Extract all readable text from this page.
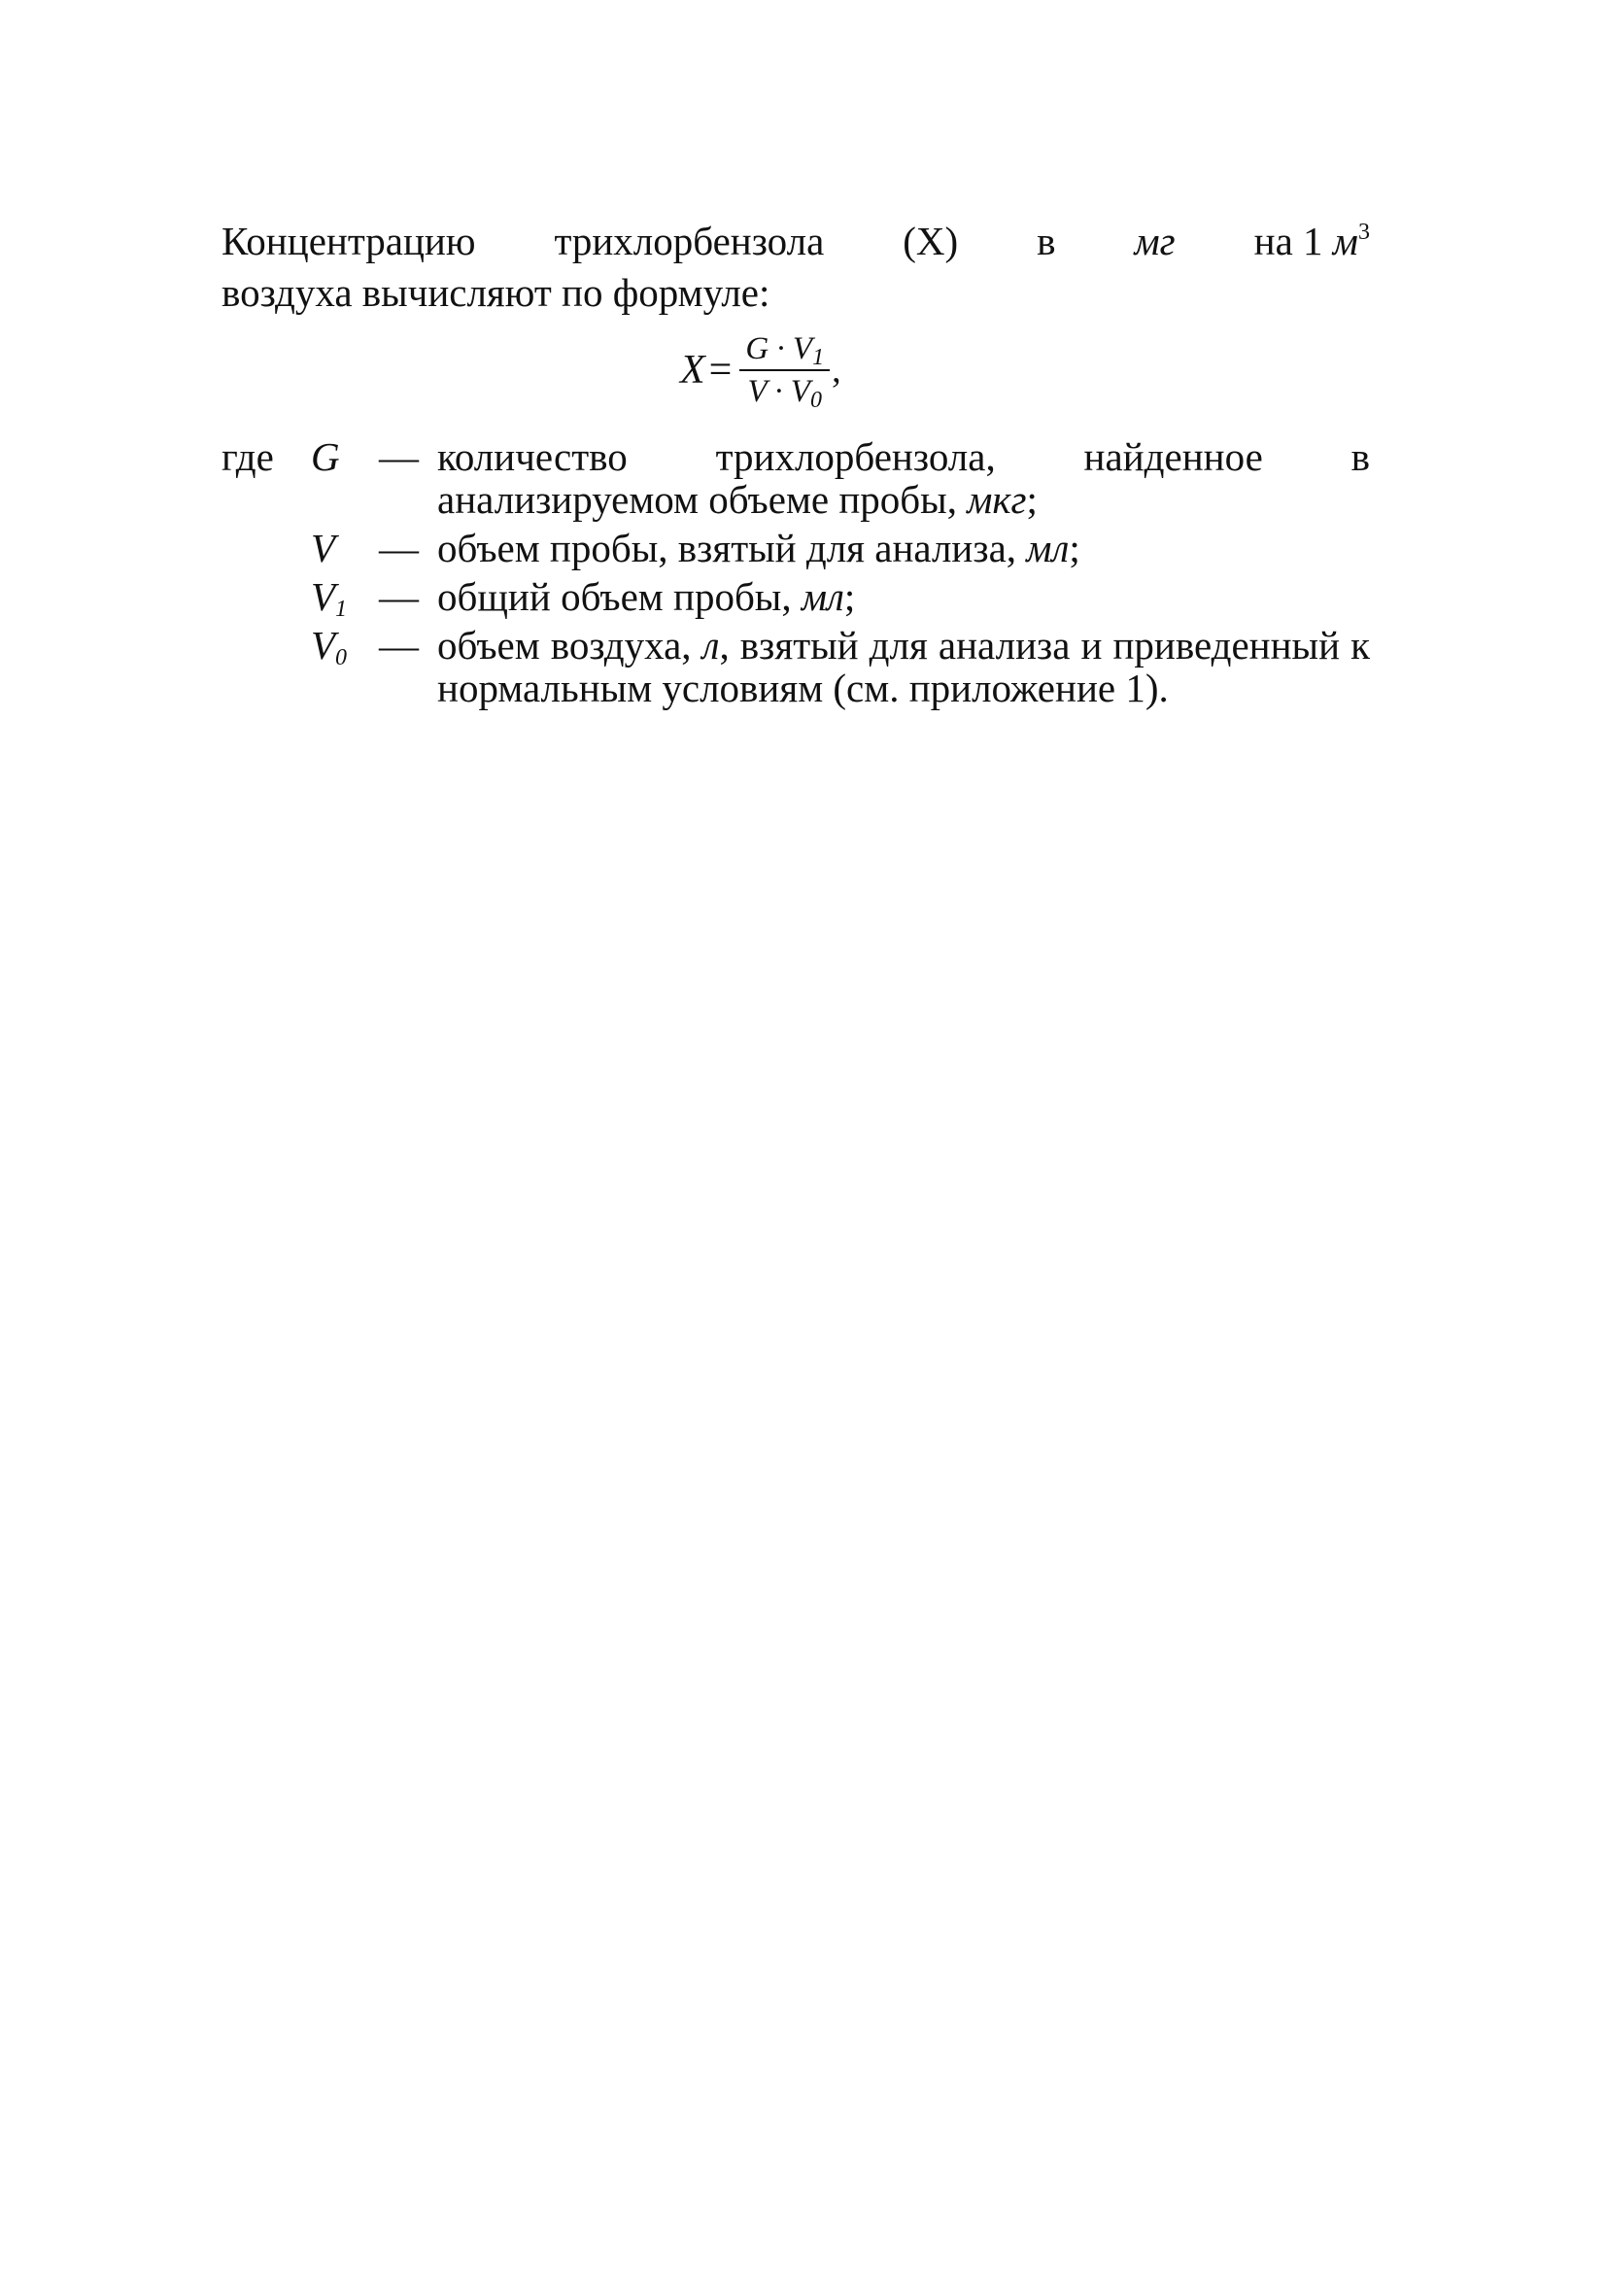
Концентрацию трихлорбензола (X) в мг на 1 $м^3$
воздуха вычисляют по формуле:
$X = \frac{G \cdot V_1}{V \cdot V_0}$ ,
где G — количество трихлорбензола, найденное в анализируемом объеме пробы, мкг;
V	— объем пробы, взятый для анализа, мл;
$V_1$ — общий объем пробы, мл;
$V_0$ — объем воздуха, л, взятый для анализа и приведенный к нормальным условиям (см. приложение 1).
